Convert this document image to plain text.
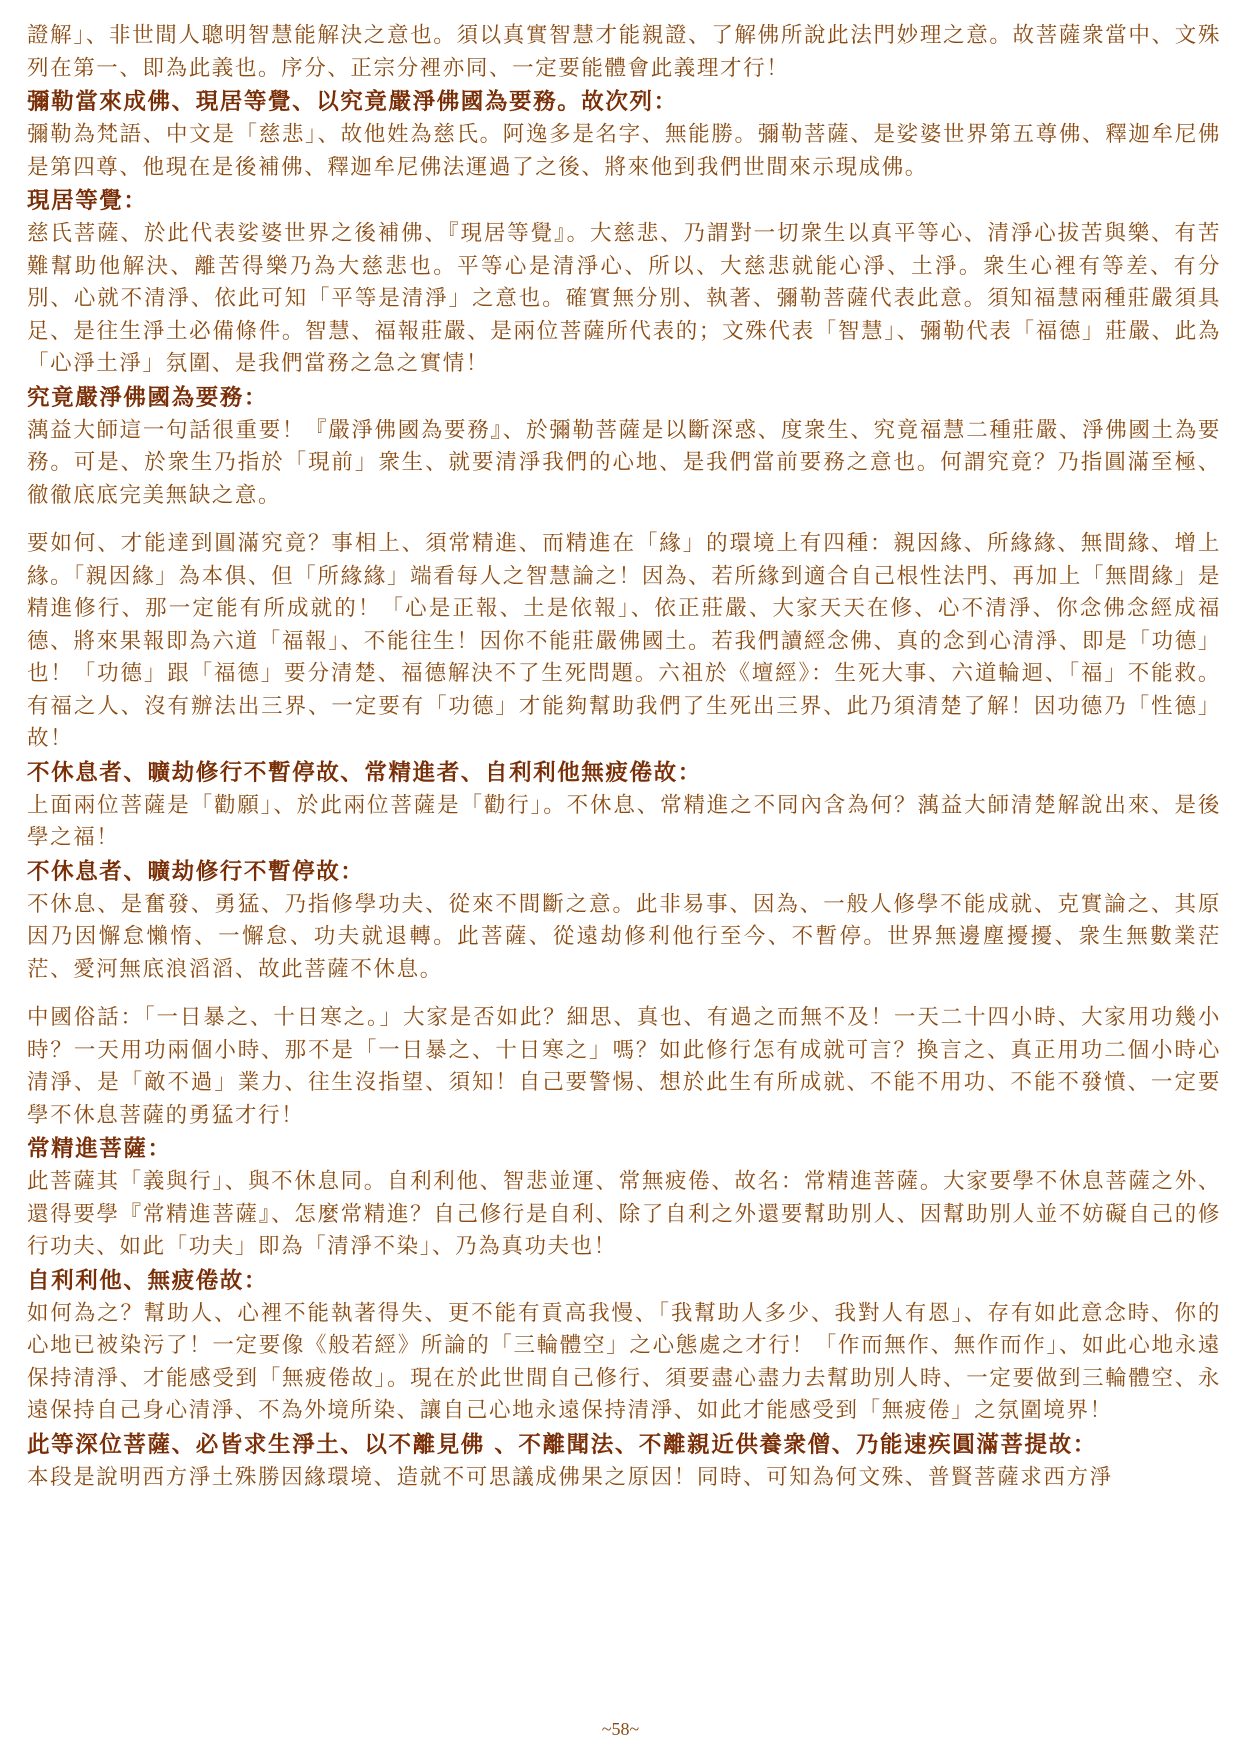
證解」、非世間人聰明智慧能解決之意也。須以真實智慧才能親證、了解佛所說此法門妙理之意。故菩薩衆當中、文殊列在第一、即為此義也。序分、正宗分裡亦同、一定要能體會此義理才行！

彌勒當來成佛、現居等覺、以究竟嚴淨佛國為要務。故次列：

彌勒為梵語、中文是「慈悲」、故他姓為慈氏。阿逸多是名字、無能勝。彌勒菩薩、是娑婆世界第五尊佛、釋迦牟尼佛是第四尊、他現在是後補佛、釋迦牟尼佛法運過了之後、將來他到我們世間來示現成佛。

現居等覺：

慈氏菩薩、於此代表娑婆世界之後補佛、『現居等覺』。大慈悲、乃謂對一切衆生以真平等心、清淨心拔苦與樂、有苦難幫助他解決、離苦得樂乃為大慈悲也。平等心是清淨心、所以、大慈悲就能心淨、土淨。衆生心裡有等差、有分別、心就不清淨、依此可知「平等是清淨」之意也。確實無分別、執著、彌勒菩薩代表此意。須知福慧兩種莊嚴須具足、是往生淨土必備條件。智慧、福報莊嚴、是兩位菩薩所代表的；文殊代表「智慧」、彌勒代表「福德」莊嚴、此為「心淨土淨」氛圍、是我們當務之急之實情！

究竟嚴淨佛國為要務：

蕅益大師這一句話很重要！『嚴淨佛國為要務』、於彌勒菩薩是以斷深惑、度衆生、究竟福慧二種莊嚴、淨佛國土為要務。可是、於衆生乃指於「現前」衆生、就要清淨我們的心地、是我們當前要務之意也。何謂究竟？乃指圓滿至極、徹徹底底完美無缺之意。

要如何、才能達到圓滿究竟？事相上、須常精進、而精進在「緣」的環境上有四種：親因緣、所緣緣、無間緣、增上緣。「親因緣」為本俱、但「所緣緣」端看每人之智慧論之！因為、若所緣到適合自己根性法門、再加上「無間緣」是精進修行、那一定能有所成就的！「心是正報、土是依報」、依正莊嚴、大家天天在修、心不清淨、你念佛念經成福德、將來果報即為六道「福報」、不能往生！因你不能莊嚴佛國土。若我們讀經念佛、真的念到心清淨、即是「功德」也！「功德」跟「福德」要分清楚、福德解決不了生死問題。六祖於《壇經》：生死大事、六道輪迴、「福」不能救。有福之人、沒有辦法出三界、一定要有「功德」才能夠幫助我們了生死出三界、此乃須清楚了解！因功德乃「性德」故！

不休息者、曠劫修行不暫停故、常精進者、自利利他無疲倦故：

上面兩位菩薩是「勸願」、於此兩位菩薩是「勸行」。不休息、常精進之不同內含為何？蕅益大師清楚解說出來、是後學之福！

不休息者、曠劫修行不暫停故：

不休息、是奮發、勇猛、乃指修學功夫、從來不間斷之意。此非易事、因為、一般人修學不能成就、克實論之、其原因乃因懈怠懶惰、一懈怠、功夫就退轉。此菩薩、從遠劫修利他行至今、不暫停。世界無邊塵擾擾、衆生無數業茫茫、愛河無底浪滔滔、故此菩薩不休息。

中國俗話：「一日暴之、十日寒之。」大家是否如此？細思、真也、有過之而無不及！一天二十四小時、大家用功幾小時？一天用功兩個小時、那不是「一日暴之、十日寒之」嗎？如此修行怎有成就可言？換言之、真正用功二個小時心清淨、是「敵不過」業力、往生沒指望、須知！自己要警惕、想於此生有所成就、不能不用功、不能不發憤、一定要學不休息菩薩的勇猛才行！

常精進菩薩：

此菩薩其「義與行」、與不休息同。自利利他、智悲並運、常無疲倦、故名：常精進菩薩。大家要學不休息菩薩之外、還得要學『常精進菩薩』、怎麼常精進？自己修行是自利、除了自利之外還要幫助別人、因幫助別人並不妨礙自己的修行功夫、如此「功夫」即為「清淨不染」、乃為真功夫也！

自利利他、無疲倦故：

如何為之？幫助人、心裡不能執著得失、更不能有貢高我慢、「我幫助人多少、我對人有恩」、存有如此意念時、你的心地已被染污了！一定要像《般若經》所論的「三輪體空」之心態處之才行！「作而無作、無作而作」、如此心地永遠保持清淨、才能感受到「無疲倦故」。現在於此世間自己修行、須要盡心盡力去幫助別人時、一定要做到三輪體空、永遠保持自己身心清淨、不為外境所染、讓自己心地永遠保持清淨、如此才能感受到「無疲倦」之氛圍境界！

此等深位菩薩、必皆求生淨土、以不離見佛 、不離聞法、不離親近供養衆僧、乃能速疾圓滿菩提故：

本段是說明西方淨土殊勝因緣環境、造就不可思議成佛果之原因！同時、可知為何文殊、普賢菩薩求西方淨

~58~
